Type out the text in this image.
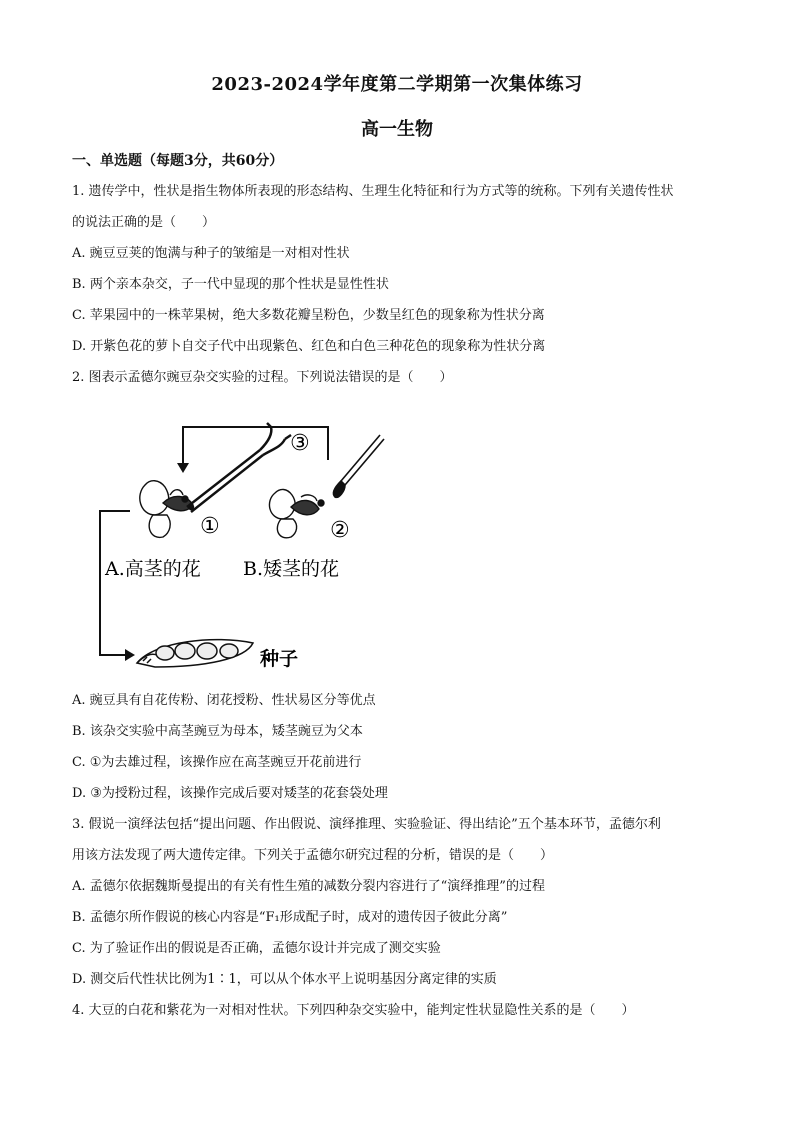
2023-2024学年度第二学期第一次集体练习
高一生物
一、单选题（每题3分，共60分）
1. 遗传学中，性状是指生物体所表现的形态结构、生理生化特征和行为方式等的统称。下列有关遗传性状
的说法正确的是（　　）
A. 豌豆豆荚的饱满与种子的皱缩是一对相对性状
B. 两个亲本杂交，子一代中显现的那个性状是显性性状
C. 苹果园中的一株苹果树，绝大多数花瓣呈粉色，少数呈红色的现象称为性状分离
D. 开紫色花的萝卜自交子代中出现紫色、红色和白色三种花色的现象称为性状分离
2. 图表示孟德尔豌豆杂交实验的过程。下列说法错误的是（　　）
①	②
③
A.高茎的花 B.矮茎的花
种子
A. 豌豆具有自花传粉、闭花授粉、性状易区分等优点
B. 该杂交实验中高茎豌豆为母本，矮茎豌豆为父本
C. ①为去雄过程，该操作应在高茎豌豆开花前进行
D. ③为授粉过程，该操作完成后要对矮茎的花套袋处理
3. 假说一演绎法包括“提出问题、作出假说、演绎推理、实验验证、得出结论”五个基本环节，孟德尔利
用该方法发现了两大遗传定律。下列关于孟德尔研究过程的分析，错误的是（　　）
A. 孟德尔依据魏斯曼提出的有关有性生殖的减数分裂内容进行了“演绎推理”的过程
B. 孟德尔所作假说的核心内容是“F₁形成配子时，成对的遗传因子彼此分离”
C. 为了验证作出的假说是否正确，孟德尔设计并完成了测交实验
D. 测交后代性状比例为1∶1，可以从个体水平上说明基因分离定律的实质
4. 大豆的白花和紫花为一对相对性状。下列四种杂交实验中，能判定性状显隐性关系的是（　　）
